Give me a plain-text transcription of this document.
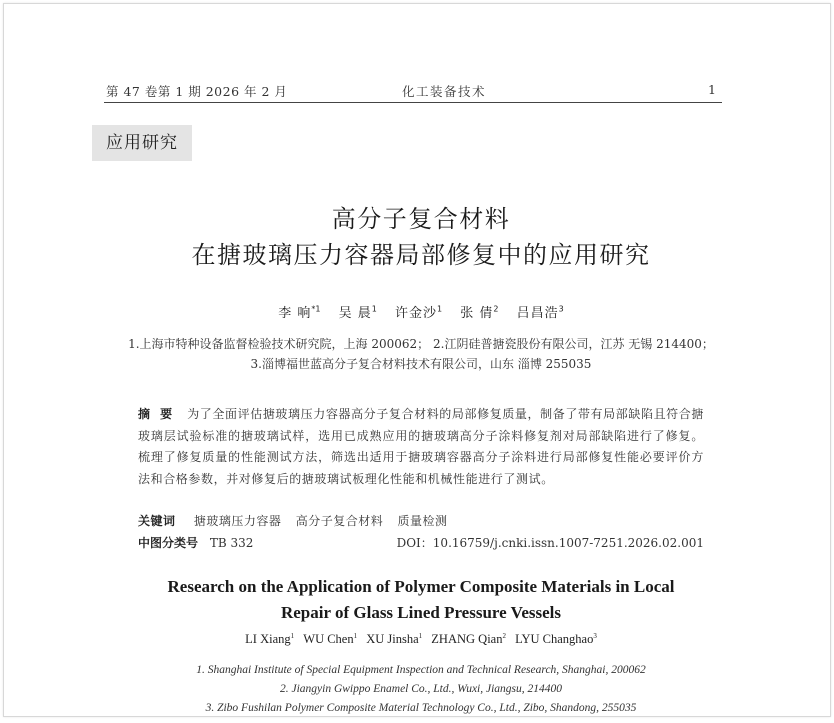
第 47 卷第 1 期 2026 年 2 月	化工装备技术	1
应用研究
高分子复合材料
在搪玻璃压力容器局部修复中的应用研究
李 响$^{*1}$ 吴 晨$^1$ 许金沙$^1$ 张 倩$^2$ 吕昌浩$^3$
1.上海市特种设备监督检验技术研究院，上海 200062； 2.江阴硅普搪瓷股份有限公司，江苏 无锡 214400；
3.淄博福世蓝高分子复合材料技术有限公司，山东 淄博 255035
摘 要 为了全面评估搪玻璃压力容器高分子复合材料的局部修复质量，制备了带有局部缺陷且符合搪玻璃层试验标准的搪玻璃试样，选用已成熟应用的搪玻璃高分子涂料修复剂对局部缺陷进行了修复。梳理了修复质量的性能测试方法，筛选出适用于搪玻璃容器高分子涂料进行局部修复性能必要评价方法和合格参数，并对修复后的搪玻璃试板理化性能和机械性能进行了测试。
关键词 搪玻璃压力容器 高分子复合材料 质量检测
中图分类号 TB 332	DOI：10.16759/j.cnki.issn.1007-7251.2026.02.001
Research on the Application of Polymer Composite Materials in Local
Repair of Glass Lined Pressure Vessels
LI Xiang$^1$ WU Chen$^1$ XU Jinsha$^1$ ZHANG Qian$^2$ LYU Changhao$^3$
1. Shanghai Institute of Special Equipment Inspection and Technical Research, Shanghai, 200062
2. Jiangyin Gwippo Enamel Co., Ltd., Wuxi, Jiangsu, 214400
3. Zibo Fushilan Polymer Composite Material Technology Co., Ltd., Zibo, Shandong, 255035
